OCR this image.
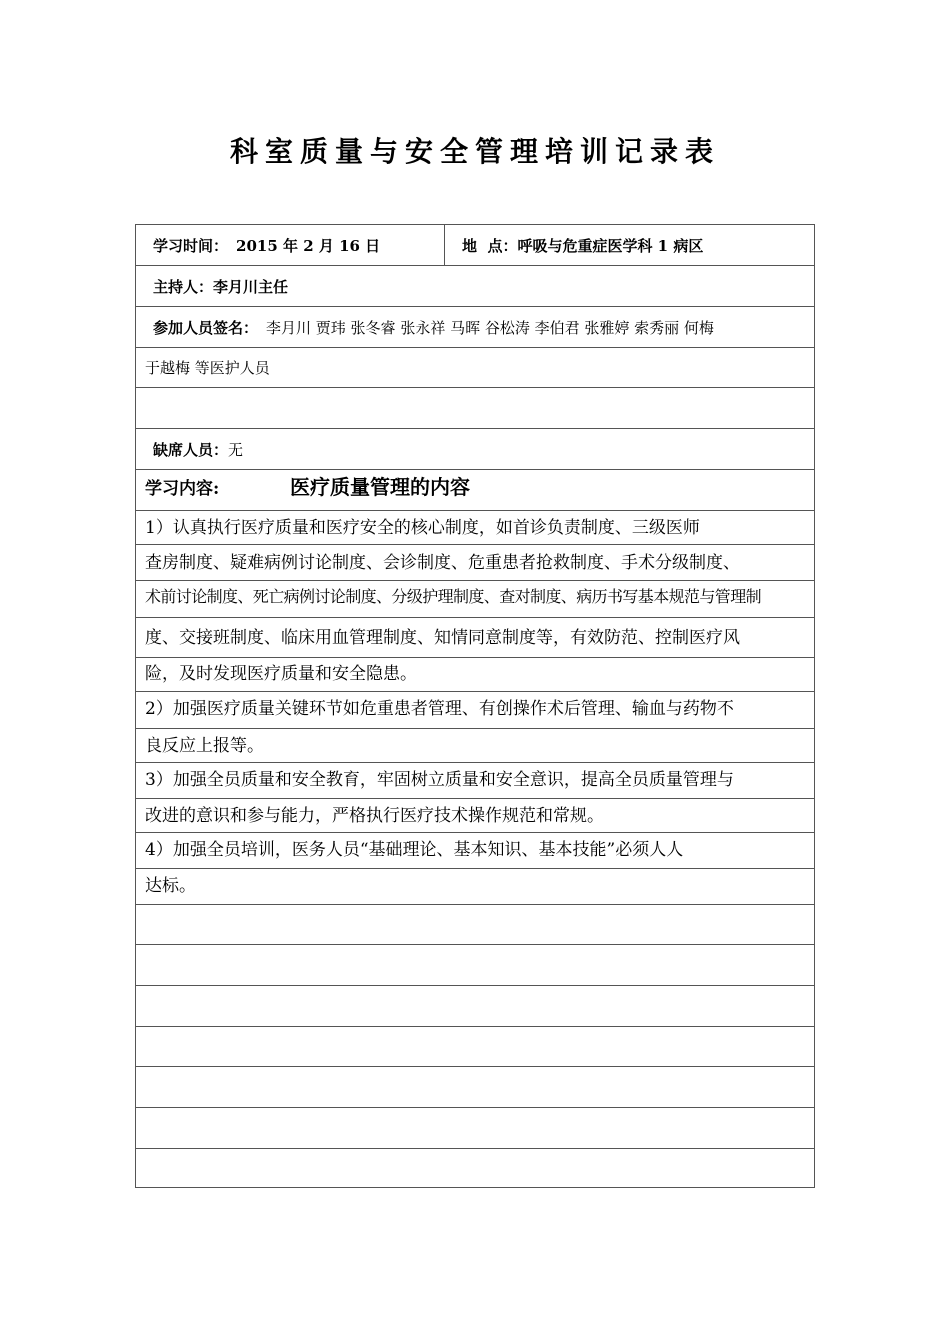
科室质量与安全管理培训记录表
学习时间： 2015 年 2 月 16 日	地  点： 呼吸与危重症医学科 1 病区
主持人： 李月川主任
参加人员签名： 李月川 贾玮 张冬睿 张永祥 马晖 谷松涛 李伯君 张雅婷 索秀丽 何梅
于越梅 等医护人员
缺席人员： 无
学习内容:	医疗质量管理的内容
1）认真执行医疗质量和医疗安全的核心制度，如首诊负责制度、三级医师
查房制度、疑难病例讨论制度、会诊制度、危重患者抢救制度、手术分级制度、
术前讨论制度、死亡病例讨论制度、分级护理制度、查对制度、病历书写基本规范与管理制
度、交接班制度、临床用血管理制度、知情同意制度等，有效防范、控制医疗风
险，及时发现医疗质量和安全隐患。
2）加强医疗质量关键环节如危重患者管理、有创操作术后管理、输血与药物不
良反应上报等。
3）加强全员质量和安全教育，牢固树立质量和安全意识，提高全员质量管理与
改进的意识和参与能力，严格执行医疗技术操作规范和常规。
4）加强全员培训，医务人员“基础理论、基本知识、基本技能”必须人人
达标。
